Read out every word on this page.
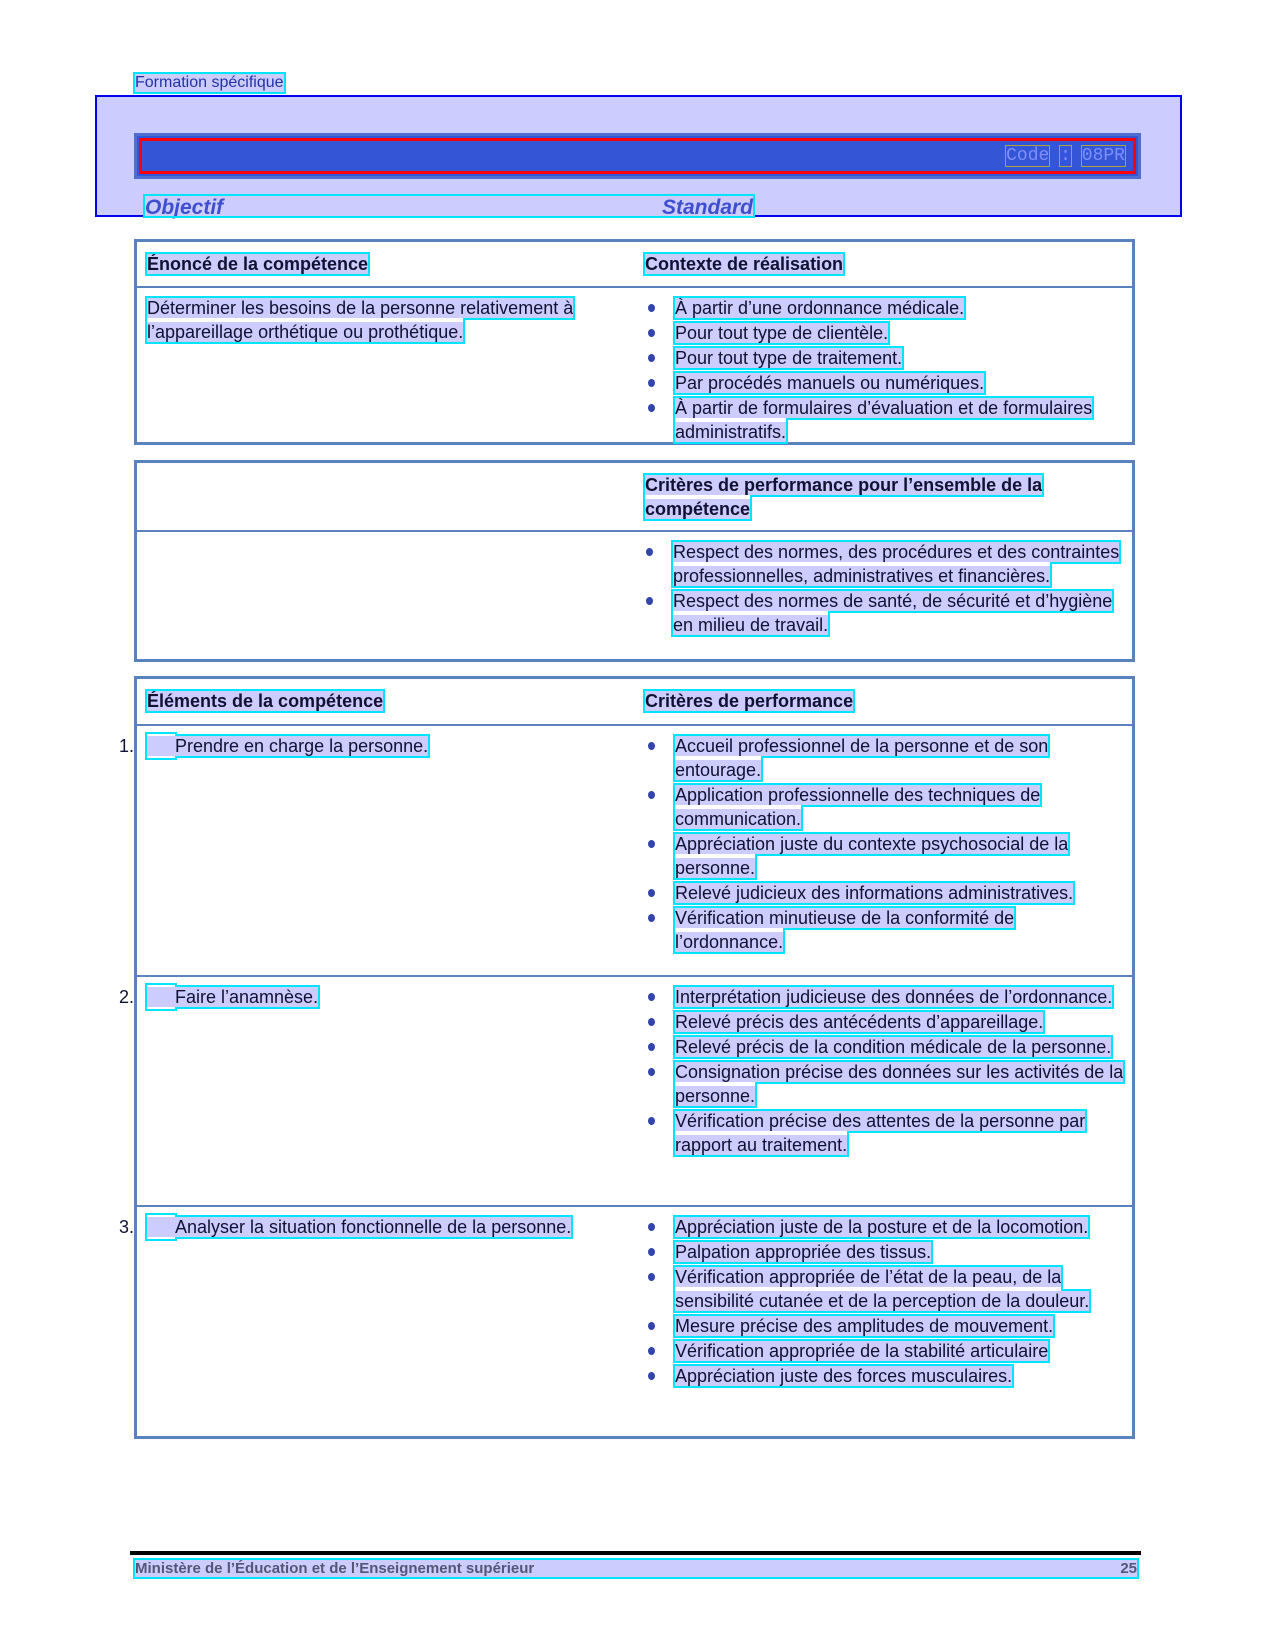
Formation spécifique
Code : 08PR
Objectif	Standard
Énoncé de la compétence	Contexte de réalisation
Déterminer les besoins de la personne relativement à l’appareillage orthétique ou prothétique.
À partir d’une ordonnance médicale.
Pour tout type de clientèle.
Pour tout type de traitement.
Par procédés manuels ou numériques.
À partir de formulaires d’évaluation et de formulaires administratifs.
Critères de performance pour l’ensemble de la compétence
Respect des normes, des procédures et des contraintes professionnelles, administratives et financières.
Respect des normes de santé, de sécurité et d’hygiène en milieu de travail.
Éléments de la compétence	Critères de performance
1. Prendre en charge la personne.	Accueil professionnel de la personne et de son entourage.
Application professionnelle des techniques de communication.
Appréciation juste du contexte psychosocial de la personne.
Relevé judicieux des informations administratives.
Vérification minutieuse de la conformité de l’ordonnance.
2. Faire l’anamnèse.	Interprétation judicieuse des données de l’ordonnance.
Relevé précis des antécédents d’appareillage.
Relevé précis de la condition médicale de la personne.
Consignation précise des données sur les activités de la personne.
Vérification précise des attentes de la personne par rapport au traitement.
3. Analyser la situation fonctionnelle de la personne.	Appréciation juste de la posture et de la locomotion.
Palpation appropriée des tissus.
Vérification appropriée de l’état de la peau, de la sensibilité cutanée et de la perception de la douleur.
Mesure précise des amplitudes de mouvement.
Vérification appropriée de la stabilité articulaire
Appréciation juste des forces musculaires.
Ministère de l’Éducation et de l’Enseignement supérieur	25
